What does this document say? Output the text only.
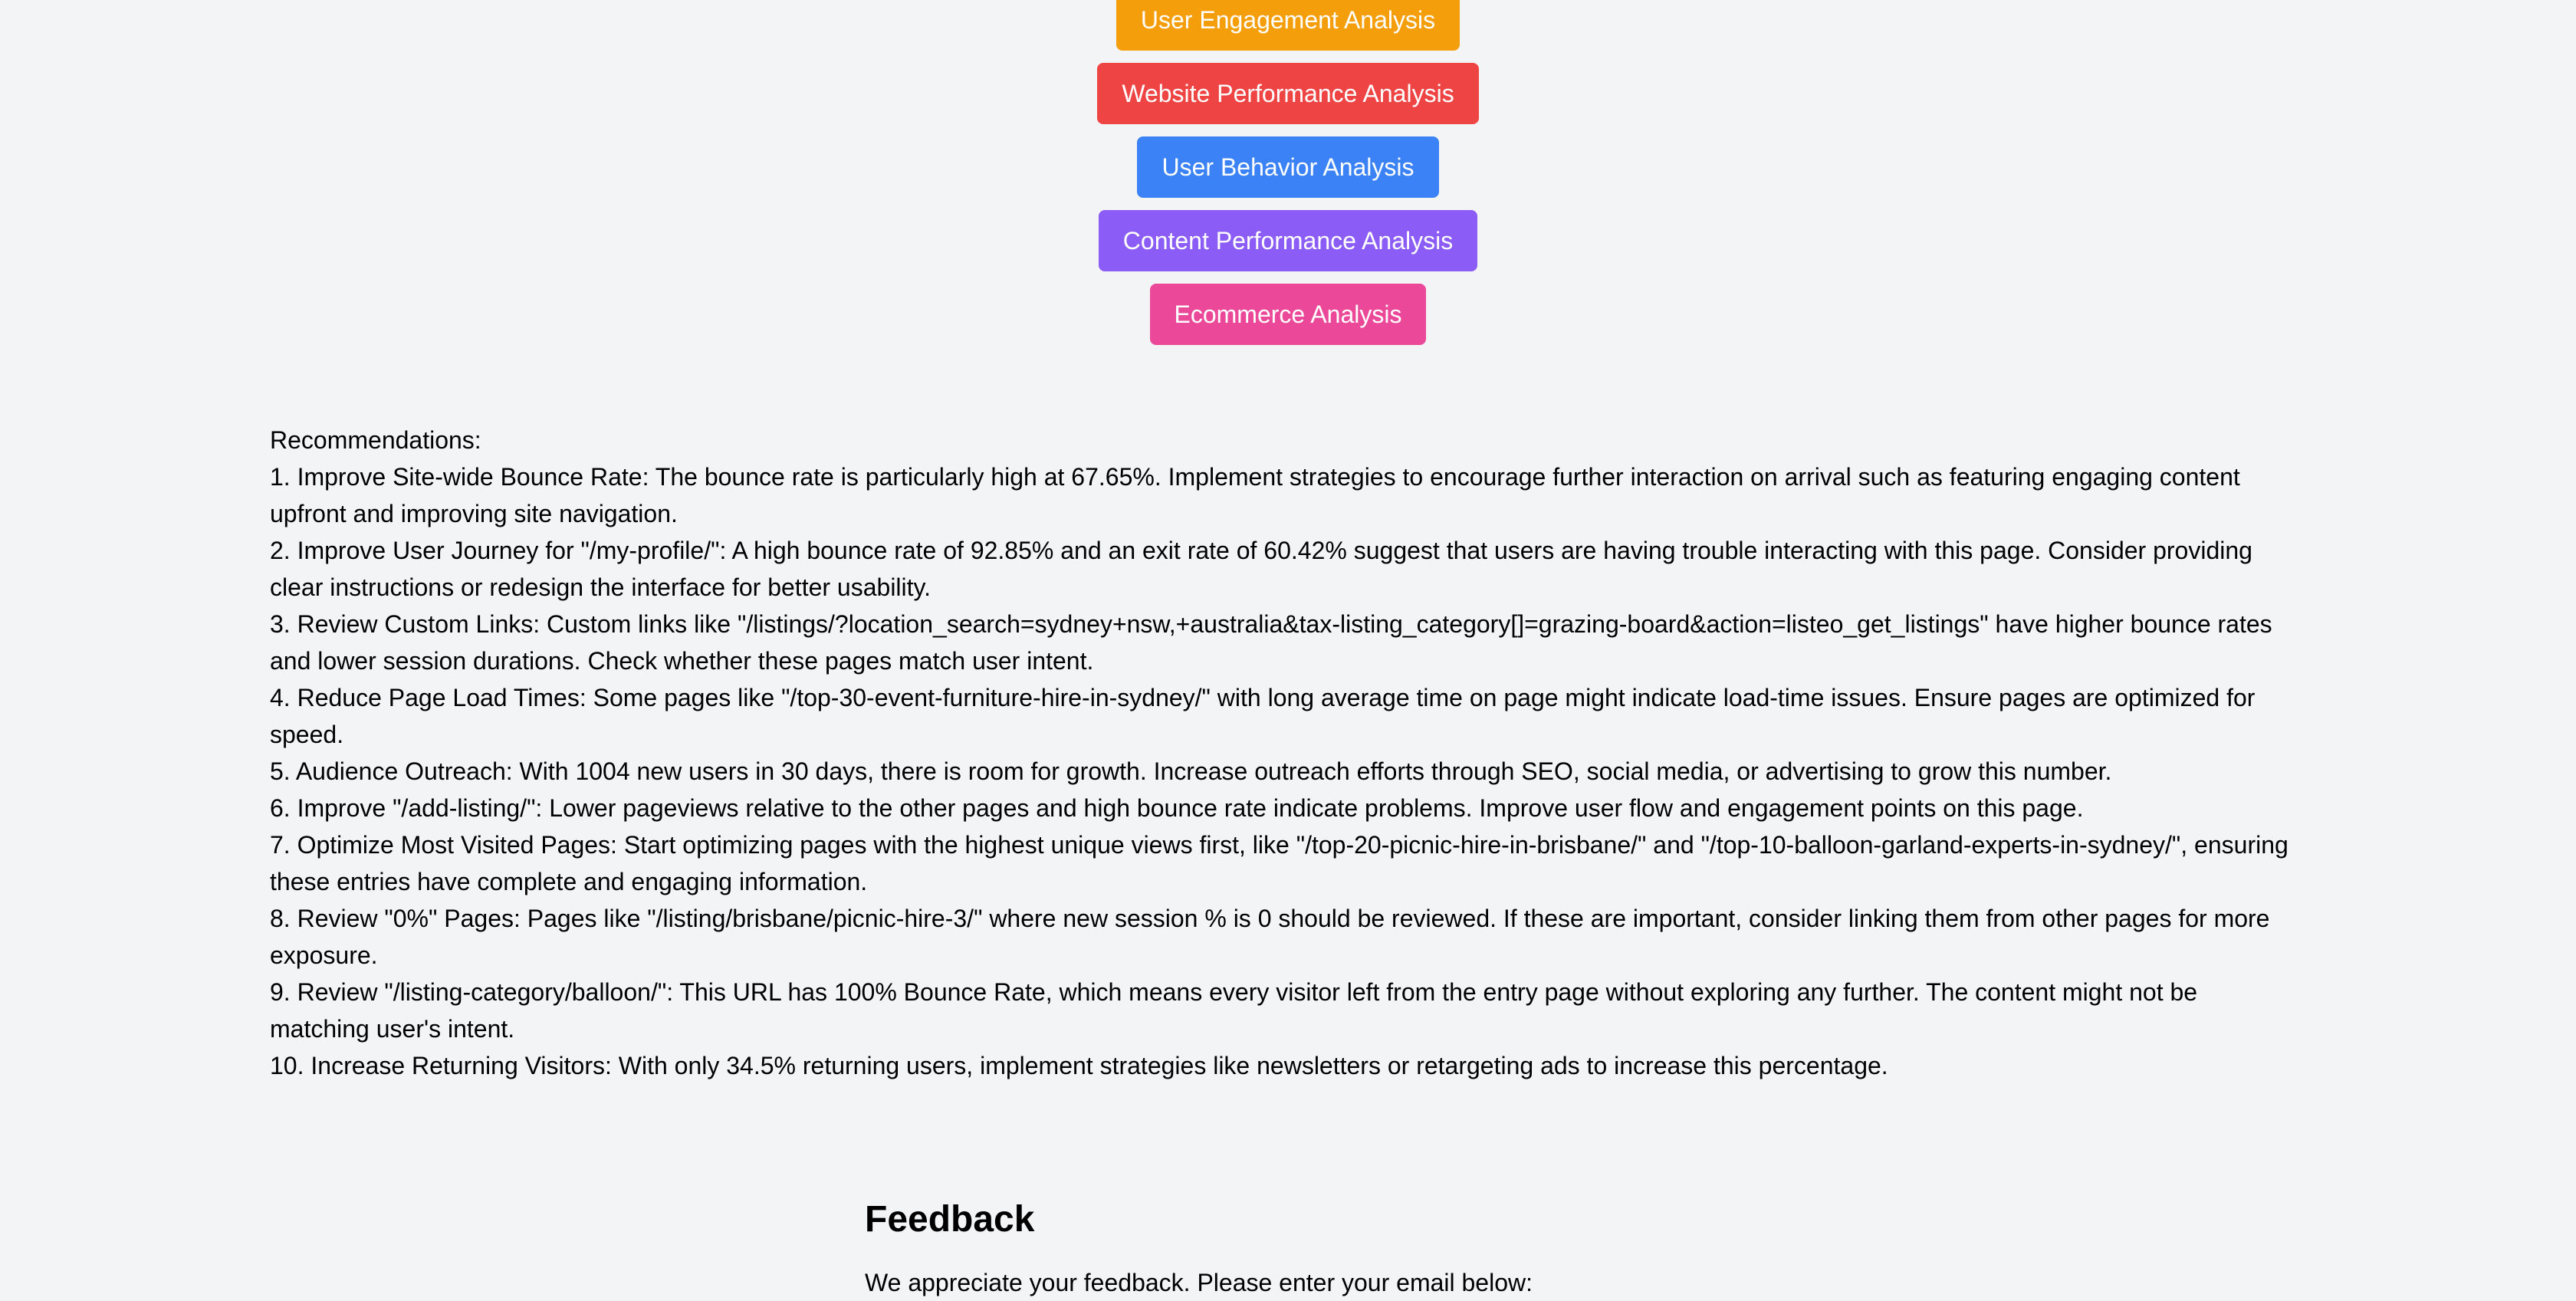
User Engagement Analysis
Website Performance Analysis
User Behavior Analysis
Content Performance Analysis
Ecommerce Analysis

Recommendations:

1. Improve Site-wide Bounce Rate: The bounce rate is particularly high at 67.65%. Implement strategies to encourage further interaction on arrival such as featuring engaging content upfront and improving site navigation.

2. Improve User Journey for "/my-profile/": A high bounce rate of 92.85% and an exit rate of 60.42% suggest that users are having trouble interacting with this page. Consider providing clear instructions or redesign the interface for better usability.

3. Review Custom Links: Custom links like "/listings/?location_search=sydney+nsw,+australia&tax-listing_category[]=grazing-board&action=listeo_get_listings" have higher bounce rates and lower session durations. Check whether these pages match user intent.

4. Reduce Page Load Times: Some pages like "/top-30-event-furniture-hire-in-sydney/" with long average time on page might indicate load-time issues. Ensure pages are optimized for speed.

5. Audience Outreach: With 1004 new users in 30 days, there is room for growth. Increase outreach efforts through SEO, social media, or advertising to grow this number.

6. Improve "/add-listing/": Lower pageviews relative to the other pages and high bounce rate indicate problems. Improve user flow and engagement points on this page.

7. Optimize Most Visited Pages: Start optimizing pages with the highest unique views first, like "/top-20-picnic-hire-in-brisbane/" and "/top-10-balloon-garland-experts-in-sydney/", ensuring these entries have complete and engaging information.

8. Review "0%" Pages: Pages like "/listing/brisbane/picnic-hire-3/" where new session % is 0 should be reviewed. If these are important, consider linking them from other pages for more exposure.

9. Review "/listing-category/balloon/": This URL has 100% Bounce Rate, which means every visitor left from the entry page without exploring any further. The content might not be matching user's intent.

10. Increase Returning Visitors: With only 34.5% returning users, implement strategies like newsletters or retargeting ads to increase this percentage.

Feedback

We appreciate your feedback. Please enter your email below:
